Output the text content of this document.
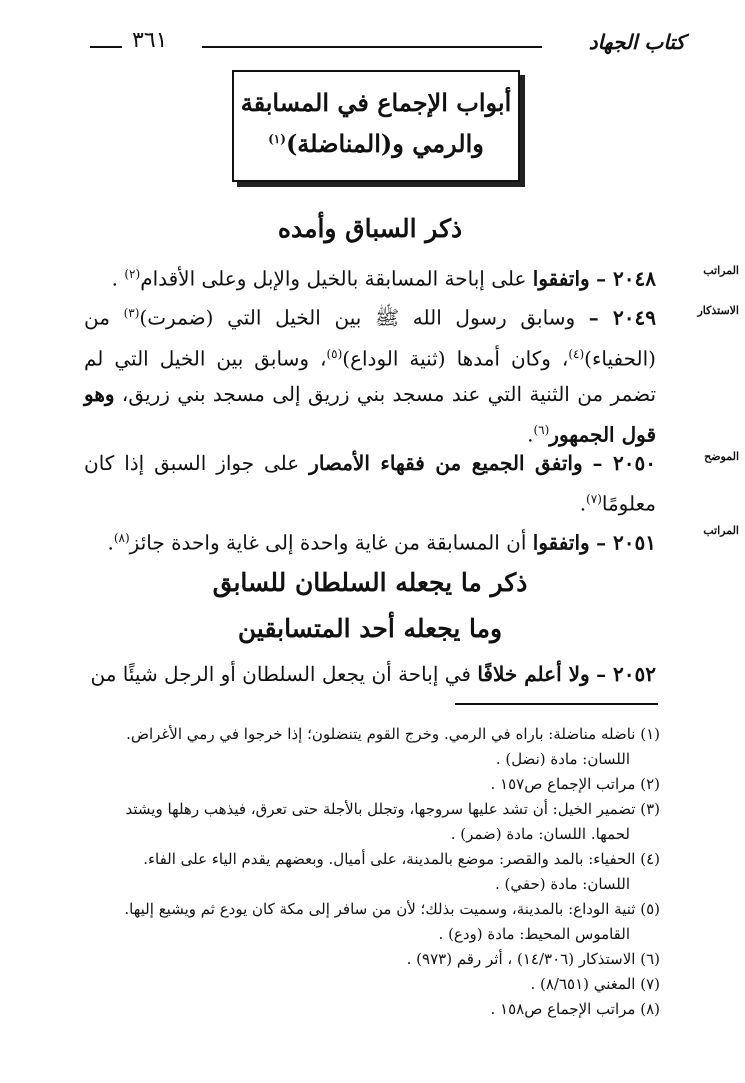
٣٦١	كتاب الجهاد
أبواب الإجماع في المسابقة
والرمي و(المناضلة)$^{(١)}$
ذكر السباق وأمده
٢٠٤٨ – واتفقوا على إباحة المسابقة بالخيل والإبل وعلى الأقدام$^{(٢)}$ .	المراتب
٢٠٤٩ – وسابق رسول الله ﷺ بين الخيل التي (ضمرت)$^{(٣)}$ من (الحفياء)$^{(٤)}$، وكان أمدها (ثنية الوداع)$^{(٥)}$، وسابق بين الخيل التي لم تضمر من الثنية التي عند مسجد بني زريق إلى مسجد بني زريق، وهو قول الجمهور$^{(٦)}$.
الاستذكار
٢٠٥٠ – واتفق الجميع من فقهاء الأمصار على جواز السبق إذا كان معلومًا$^{(٧)}$.
الموضح
٢٠٥١ – واتفقوا أن المسابقة من غاية واحدة إلى غاية واحدة جائز$^{(٨)}$.
المراتب
ذكر ما يجعله السلطان للسابق
وما يجعله أحد المتسابقين
٢٠٥٢ – ولا أعلم خلافًا في إباحة أن يجعل السلطان أو الرجل شيئًا من
(١) ناضله مناضلة: باراه في الرمي. وخرج القوم يتنضلون؛ إذا خرجوا في رمي الأغراض.
اللسان: مادة (نضل) .
(٢) مراتب الإجماع ص١٥٧ .
(٣) تضمير الخيل: أن تشد عليها سروجها، وتجلل بالأجلة حتى تعرق، فيذهب رهلها ويشتد
لحمها. اللسان: مادة (ضمر) .
(٤) الحفياء: بالمد والقصر: موضع بالمدينة، على أميال. وبعضهم يقدم الياء على الفاء.
اللسان: مادة (حفي) .
(٥) ثنية الوداع: بالمدينة، وسميت بذلك؛ لأن من سافر إلى مكة كان يودع ثم ويشيع إليها.
القاموس المحيط: مادة (ودع) .
(٦) الاستذكار (١٤/٣٠٦) ، أثر رقم (٩٧٣) .
(٧) المغني (٨/٦٥١) .
(٨) مراتب الإجماع ص١٥٨ .
